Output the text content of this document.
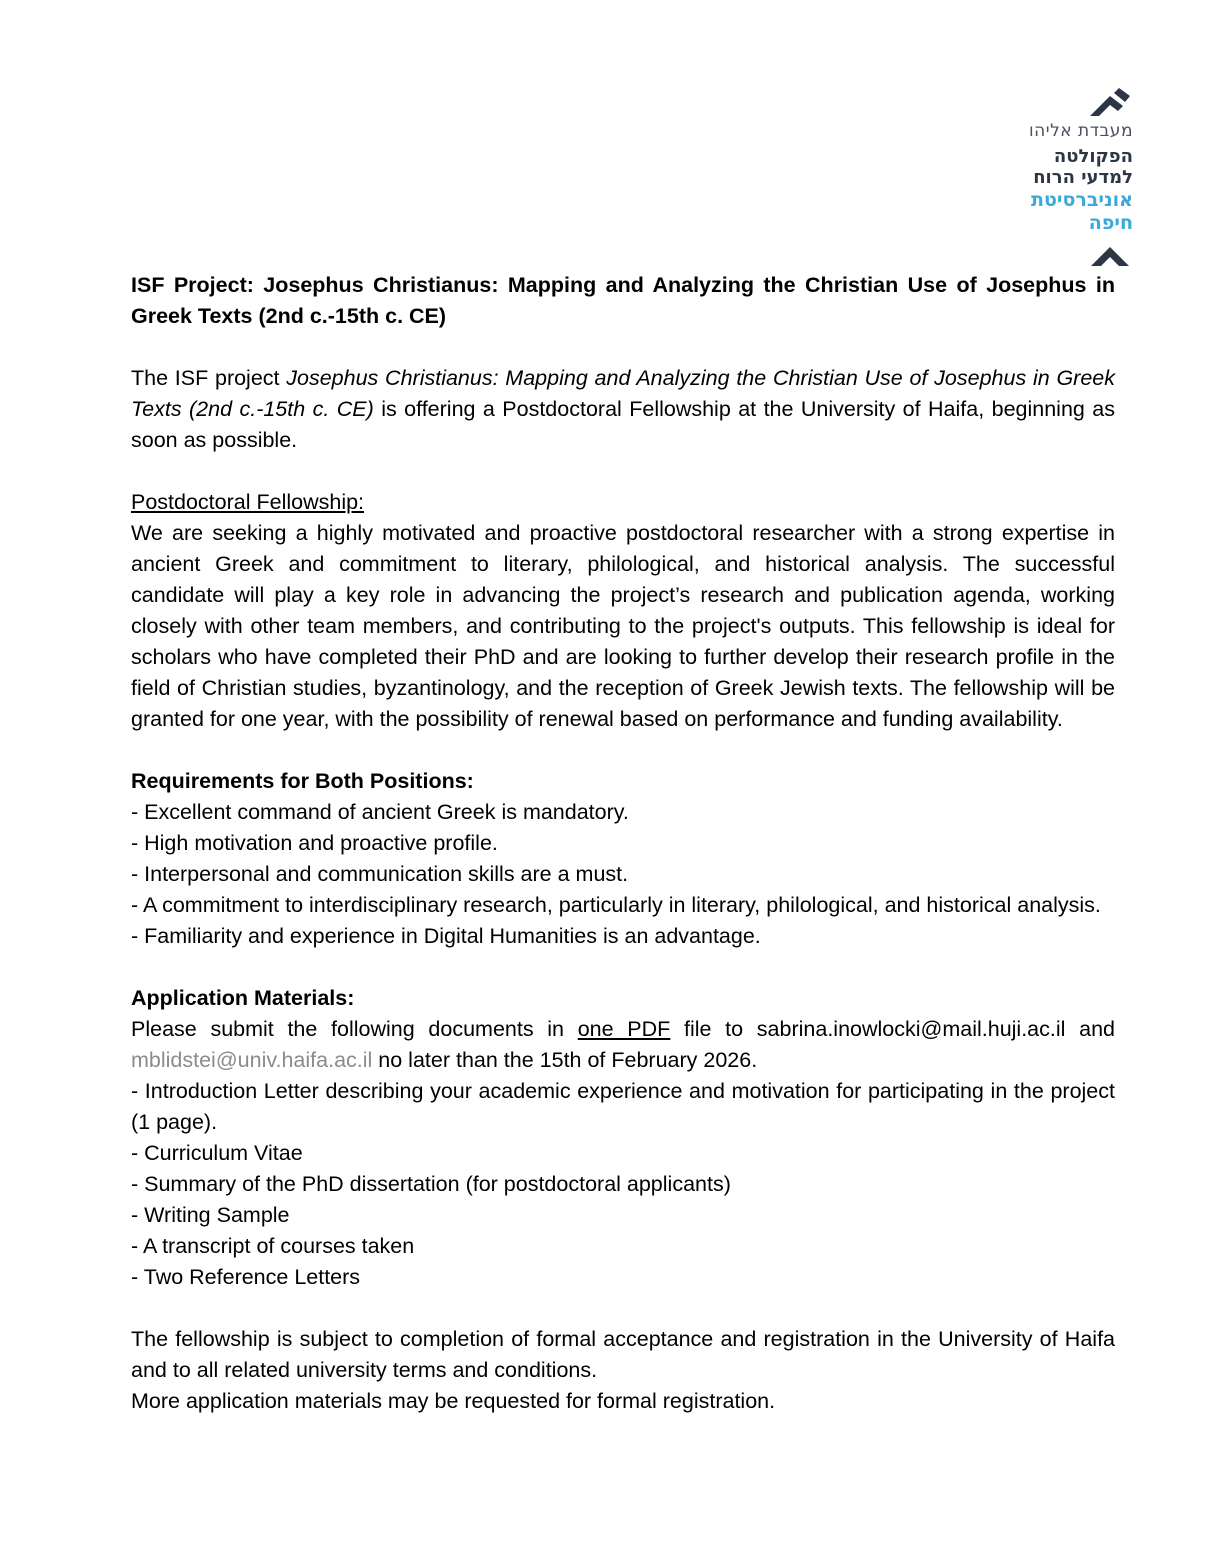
מעבדת אליהו
הפקולטה
למדעי הרוח
אוניברסיטת
חיפה

ISF Project: Josephus Christianus: Mapping and Analyzing the Christian Use of Josephus in Greek Texts (2nd c.-15th c. CE)

The ISF project Josephus Christianus: Mapping and Analyzing the Christian Use of Josephus in Greek Texts (2nd c.-15th c. CE) is offering a Postdoctoral Fellowship at the University of Haifa, beginning as soon as possible.

Postdoctoral Fellowship:

We are seeking a highly motivated and proactive postdoctoral researcher with a strong expertise in ancient Greek and commitment to literary, philological, and historical analysis. The successful candidate will play a key role in advancing the project’s research and publication agenda, working closely with other team members, and contributing to the project's outputs. This fellowship is ideal for scholars who have completed their PhD and are looking to further develop their research profile in the field of Christian studies, byzantinology, and the reception of Greek Jewish texts. The fellowship will be granted for one year, with the possibility of renewal based on performance and funding availability.

Requirements for Both Positions:

- Excellent command of ancient Greek is mandatory.

- High motivation and proactive profile.

- Interpersonal and communication skills are a must.

- A commitment to interdisciplinary research, particularly in literary, philological, and historical analysis.

- Familiarity and experience in Digital Humanities is an advantage.

Application Materials:

Please submit the following documents in one PDF file to sabrina.inowlocki@mail.huji.ac.il and mblidstei@univ.haifa.ac.il no later than the 15th of February 2026.

- Introduction Letter describing your academic experience and motivation for participating in the project (1 page).

- Curriculum Vitae

- Summary of the PhD dissertation (for postdoctoral applicants)

- Writing Sample

- A transcript of courses taken

- Two Reference Letters

The fellowship is subject to completion of formal acceptance and registration in the University of Haifa and to all related university terms and conditions.

More application materials may be requested for formal registration.
